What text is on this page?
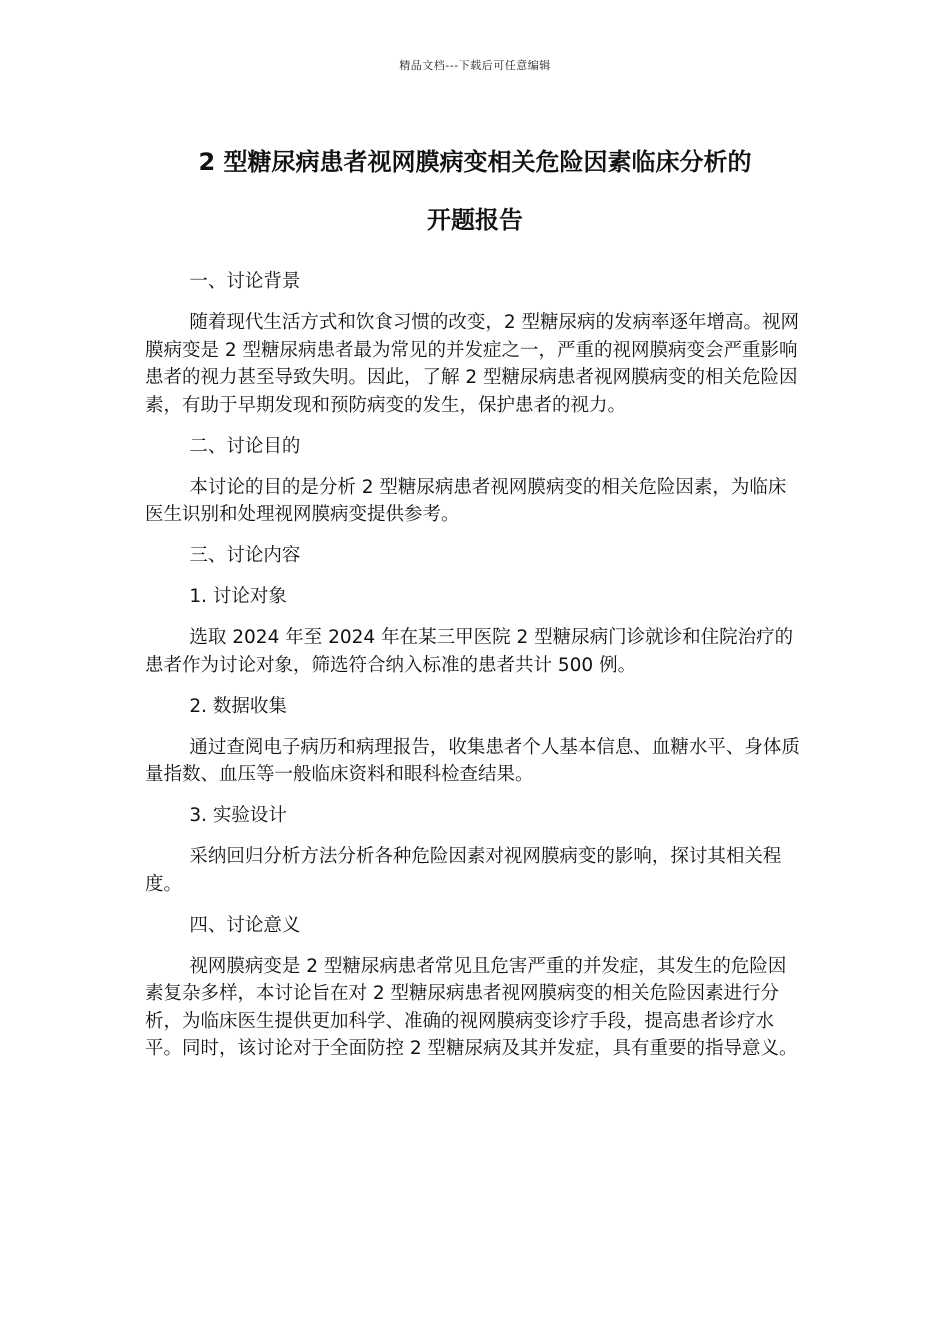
精品文档---下载后可任意编辑
2 型糖尿病患者视网膜病变相关危险因素临床分析的
开题报告

一、讨论背景

随着现代生活方式和饮食习惯的改变，2 型糖尿病的发病率逐年增高。视网膜病变是 2 型糖尿病患者最为常见的并发症之一，严重的视网膜病变会严重影响患者的视力甚至导致失明。因此，了解 2 型糖尿病患者视网膜病变的相关危险因素，有助于早期发现和预防病变的发生，保护患者的视力。

二、讨论目的

本讨论的目的是分析 2 型糖尿病患者视网膜病变的相关危险因素，为临床医生识别和处理视网膜病变提供参考。

三、讨论内容

1. 讨论对象

选取 2024 年至 2024 年在某三甲医院 2 型糖尿病门诊就诊和住院治疗的患者作为讨论对象，筛选符合纳入标准的患者共计 500 例。

2. 数据收集

通过查阅电子病历和病理报告，收集患者个人基本信息、血糖水平、身体质量指数、血压等一般临床资料和眼科检查结果。

3. 实验设计

采纳回归分析方法分析各种危险因素对视网膜病变的影响，探讨其相关程度。

四、讨论意义

视网膜病变是 2 型糖尿病患者常见且危害严重的并发症，其发生的危险因素复杂多样，本讨论旨在对 2 型糖尿病患者视网膜病变的相关危险因素进行分析，为临床医生提供更加科学、准确的视网膜病变诊疗手段，提高患者诊疗水平。同时，该讨论对于全面防控 2 型糖尿病及其并发症，具有重要的指导意义。
